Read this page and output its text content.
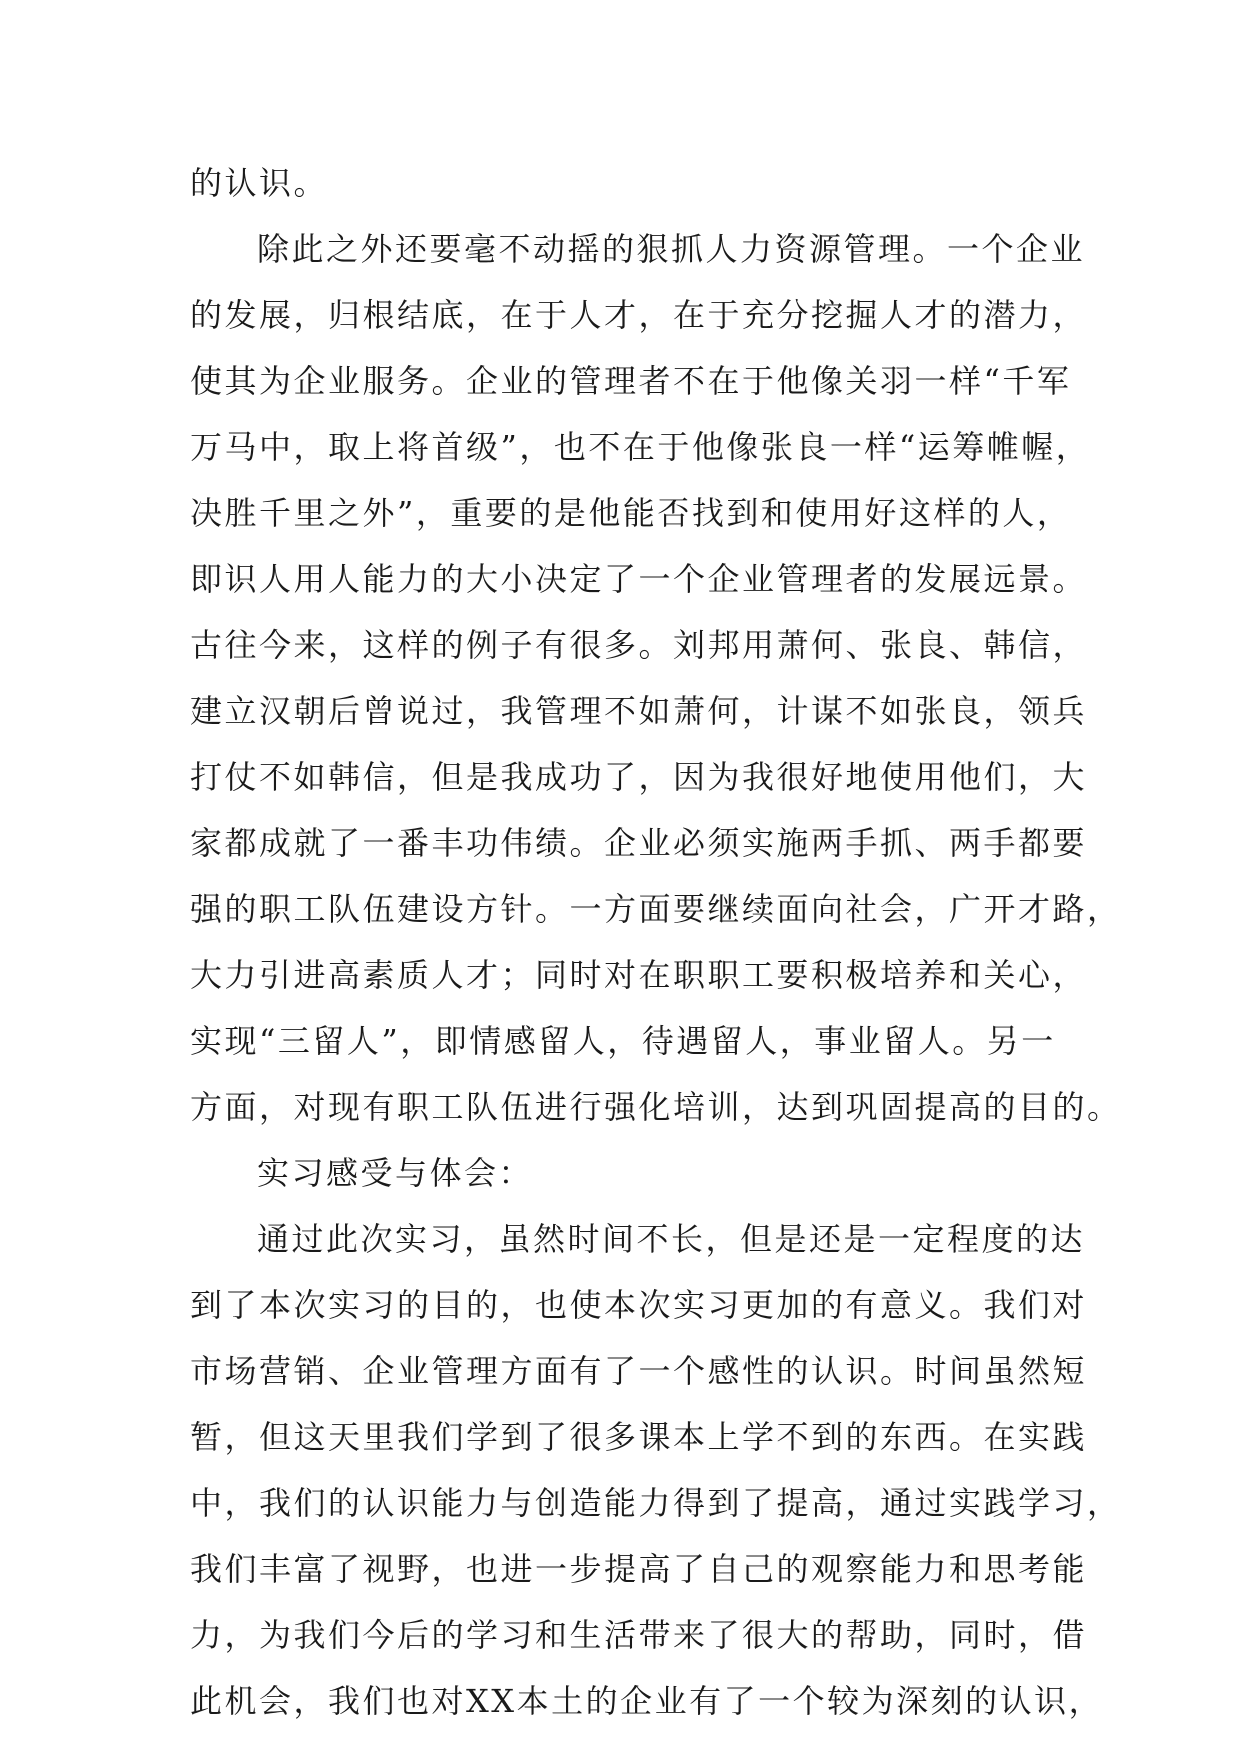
的认识。
除此之外还要毫不动摇的狠抓人力资源管理。一个企业
的发展，归根结底，在于人才，在于充分挖掘人才的潜力，
使其为企业服务。企业的管理者不在于他像关羽一样“千军
万马中，取上将首级”，也不在于他像张良一样“运筹帷幄，
决胜千里之外”，重要的是他能否找到和使用好这样的人，
即识人用人能力的大小决定了一个企业管理者的发展远景。
古往今来，这样的例子有很多。刘邦用萧何、张良、韩信，
建立汉朝后曾说过，我管理不如萧何，计谋不如张良，领兵
打仗不如韩信，但是我成功了，因为我很好地使用他们，大
家都成就了一番丰功伟绩。企业必须实施两手抓、两手都要
强的职工队伍建设方针。一方面要继续面向社会，广开才路，
大力引进高素质人才；同时对在职职工要积极培养和关心，
实现“三留人”，即情感留人，待遇留人，事业留人。另一
方面，对现有职工队伍进行强化培训，达到巩固提高的目的。
实习感受与体会：
通过此次实习，虽然时间不长，但是还是一定程度的达
到了本次实习的目的，也使本次实习更加的有意义。我们对
市场营销、企业管理方面有了一个感性的认识。时间虽然短
暂，但这天里我们学到了很多课本上学不到的东西。在实践
中，我们的认识能力与创造能力得到了提高，通过实践学习，
我们丰富了视野，也进一步提高了自己的观察能力和思考能
力，为我们今后的学习和生活带来了很大的帮助，同时，借
此机会，我们也对XX本土的企业有了一个较为深刻的认识，
